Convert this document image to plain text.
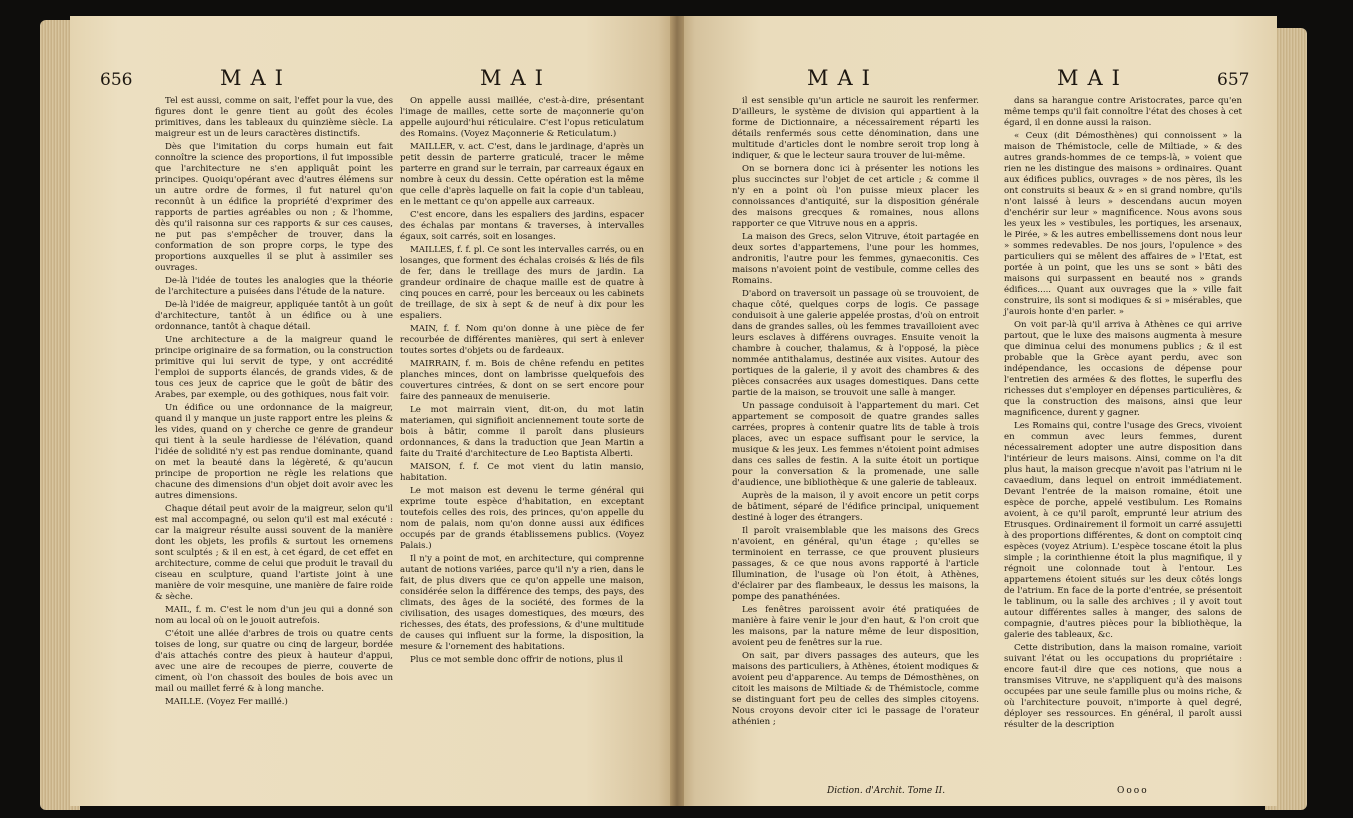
656	MAI	MAI

Tel est aussi, comme on sait, l'effet pour la vue, des figures dont le genre tient au goût des écoles primitives, dans les tableaux du quinzième siècle. La maigreur est un de leurs caractères distinctifs.

Dès que l'imitation du corps humain eut fait connoître la science des proportions, il fut impossible que l'architecture ne s'en appliquât point les principes. Quoiqu'opérant avec d'autres élémens sur un autre ordre de formes, il fut naturel qu'on reconnût à un édifice la propriété d'exprimer des rapports de parties agréables ou non ; & l'homme, dès qu'il raisonna sur ces rapports & sur ces causes, ne put pas s'empêcher de trouver, dans la conformation de son propre corps, le type des proportions auxquelles il se plut à assimiler ses ouvrages.

De-là l'idée de toutes les analogies que la théorie de l'architecture a puisées dans l'étude de la nature.

De-là l'idée de maigreur, appliquée tantôt à un goût d'architecture, tantôt à un édifice ou à une ordonnance, tantôt à chaque détail.

Une architecture a de la maigreur quand le principe originaire de sa formation, ou la construction primitive qui lui servit de type, y ont accrédité l'emploi de supports élancés, de grands vides, & de tous ces jeux de caprice que le goût de bâtir des Arabes, par exemple, ou des gothiques, nous fait voir.

Un édifice ou une ordonnance de la maigreur, quand il y manque un juste rapport entre les pleins & les vides, quand on y cherche ce genre de grandeur qui tient à la seule hardiesse de l'élévation, quand l'idée de solidité n'y est pas rendue dominante, quand on met la beauté dans la légèreté, & qu'aucun principe de proportion ne règle les relations que chacune des dimensions d'un objet doit avoir avec les autres dimensions.

Chaque détail peut avoir de la maigreur, selon qu'il est mal accompagné, ou selon qu'il est mal exécuté : car la maigreur résulte aussi souvent de la manière dont les objets, les profils & surtout les ornemens sont sculptés ; & il en est, à cet égard, de cet effet en architecture, comme de celui que produit le travail du ciseau en sculpture, quand l'artiste joint à une manière de voir mesquine, une manière de faire roide & sèche.

MAIL, f. m. C'est le nom d'un jeu qui a donné son nom au local où on le jouoit autrefois.

C'étoit une allée d'arbres de trois ou quatre cents toises de long, sur quatre ou cinq de largeur, bordée d'ais attachés contre des pieux à hauteur d'appui, avec une aire de recoupes de pierre, couverte de ciment, où l'on chassoit des boules de bois avec un mail ou maillet ferré & à long manche.

MAILLE. (Voyez Fer maillé.)

On appelle aussi maillée, c'est-à-dire, présentant l'image de mailles, cette sorte de maçonnerie qu'on appelle aujourd'hui réticulaire. C'est l'opus reticulatum des Romains. (Voyez Maçonnerie & Reticulatum.)

MAILLER, v. act. C'est, dans le jardinage, d'après un petit dessin de parterre graticulé, tracer le même parterre en grand sur le terrain, par carreaux égaux en nombre à ceux du dessin. Cette opération est la même que celle d'après laquelle on fait la copie d'un tableau, en le mettant ce qu'on appelle aux carreaux.

C'est encore, dans les espaliers des jardins, espacer des échalas par montans & traverses, à intervalles égaux, soit carrés, soit en losanges.

MAILLES, f. f. pl. Ce sont les intervalles carrés, ou en losanges, que forment des échalas croisés & liés de fils de fer, dans le treillage des murs de jardin. La grandeur ordinaire de chaque maille est de quatre à cinq pouces en carré, pour les berceaux ou les cabinets de treillage, de six à sept & de neuf à dix pour les espaliers.

MAIN, f. f. Nom qu'on donne à une pièce de fer recourbée de différentes manières, qui sert à enlever toutes sortes d'objets ou de fardeaux.

MAIRRAIN, f. m. Bois de chêne refendu en petites planches minces, dont on lambrisse quelquefois des couvertures cintrées, & dont on se sert encore pour faire des panneaux de menuiserie.

Le mot mairrain vient, dit-on, du mot latin materiamen, qui signifioit anciennement toute sorte de bois à bâtir, comme il paroît dans plusieurs ordonnances, & dans la traduction que Jean Martin a faite du Traité d'architecture de Leo Baptista Alberti.

MAISON, f. f. Ce mot vient du latin mansio, habitation.

Le mot maison est devenu le terme général qui exprime toute espèce d'habitation, en exceptant toutefois celles des rois, des princes, qu'on appelle du nom de palais, nom qu'on donne aussi aux édifices occupés par de grands établissemens publics. (Voyez Palais.)

Il n'y a point de mot, en architecture, qui comprenne autant de notions variées, parce qu'il n'y a rien, dans le fait, de plus divers que ce qu'on appelle une maison, considérée selon la différence des temps, des pays, des climats, des âges de la société, des formes de la civilisation, des usages domestiques, des mœurs, des richesses, des états, des professions, & d'une multitude de causes qui influent sur la forme, la disposition, la mesure & l'ornement des habitations.

Plus ce mot semble donc offrir de notions, plus il

MAI	MAI	657

il est sensible qu'un article ne sauroit les renfermer. D'ailleurs, le système de division qui appartient à la forme de Dictionnaire, a nécessairement réparti les détails renfermés sous cette dénomination, dans une multitude d'articles dont le nombre seroit trop long à indiquer, & que le lecteur saura trouver de lui-même.

On se bornera donc ici à présenter les notions les plus succinctes sur l'objet de cet article ; & comme il n'y en a point où l'on puisse mieux placer les connoissances d'antiquité, sur la disposition générale des maisons grecques & romaines, nous allons rapporter ce que Vitruve nous en a appris.

La maison des Grecs, selon Vitruve, étoit partagée en deux sortes d'appartemens, l'une pour les hommes, andronitis, l'autre pour les femmes, gynaeconitis. Ces maisons n'avoient point de vestibule, comme celles des Romains.

D'abord on traversoit un passage où se trouvoient, de chaque côté, quelques corps de logis. Ce passage conduisoit à une galerie appelée prostas, d'où on entroit dans de grandes salles, où les femmes travailloient avec leurs esclaves à différens ouvrages. Ensuite venoit la chambre à coucher, thalamus, & à l'opposé, la pièce nommée antithalamus, destinée aux visites. Autour des portiques de la galerie, il y avoit des chambres & des pièces consacrées aux usages domestiques. Dans cette partie de la maison, se trouvoit une salle à manger.

Un passage conduisoit à l'appartement du mari. Cet appartement se composoit de quatre grandes salles carrées, propres à contenir quatre lits de table à trois places, avec un espace suffisant pour le service, la musique & les jeux. Les femmes n'étoient point admises dans ces salles de festin. A la suite étoit un portique pour la conversation & la promenade, une salle d'audience, une bibliothèque & une galerie de tableaux.

Auprès de la maison, il y avoit encore un petit corps de bâtiment, séparé de l'édifice principal, uniquement destiné à loger des étrangers.

Il paroît vraisemblable que les maisons des Grecs n'avoient, en général, qu'un étage ; qu'elles se terminoient en terrasse, ce que prouvent plusieurs passages, & ce que nous avons rapporté à l'article Illumination, de l'usage où l'on étoit, à Athènes, d'éclairer par des flambeaux, le dessus les maisons, la pompe des panathénées.

Les fenêtres paroissent avoir été pratiquées de manière à faire venir le jour d'en haut, & l'on croit que les maisons, par la nature même de leur disposition, avoient peu de fenêtres sur la rue.

On sait, par divers passages des auteurs, que les maisons des particuliers, à Athènes, étoient modiques & avoient peu d'apparence. Au temps de Démosthènes, on citoit les maisons de Miltiade & de Thémistocle, comme se distinguant fort peu de celles des simples citoyens. Nous croyons devoir citer ici le passage de l'orateur athénien ;

dans sa harangue contre Aristocrates, parce qu'en même temps qu'il fait connoître l'état des choses à cet égard, il en donne aussi la raison.

« Ceux (dit Démosthènes) qui connoissent » la maison de Thémistocle, celle de Miltiade, » & des autres grands-hommes de ce temps-là, » voient que rien ne les distingue des maisons » ordinaires. Quant aux édifices publics, ouvrages » de nos pères, ils les ont construits si beaux & » en si grand nombre, qu'ils n'ont laissé à leurs » descendans aucun moyen d'enchérir sur leur » magnificence. Nous avons sous les yeux les » vestibules, les portiques, les arsenaux, le Pirée, » & les autres embellissemens dont nous leur » sommes redevables. De nos jours, l'opulence » des particuliers qui se mêlent des affaires de » l'Etat, est portée à un point, que les uns se sont » bâti des maisons qui surpassent en beauté nos » grands édifices..... Quant aux ouvrages que la » ville fait construire, ils sont si modiques & si » misérables, que j'aurois honte d'en parler. »

On voit par-là qu'il arriva à Athènes ce qui arrive partout, que le luxe des maisons augmenta à mesure que diminua celui des monumens publics ; & il est probable que la Grèce ayant perdu, avec son indépendance, les occasions de dépense pour l'entretien des armées & des flottes, le superflu des richesses dut s'employer en dépenses particulières, & que la construction des maisons, ainsi que leur magnificence, durent y gagner.

Les Romains qui, contre l'usage des Grecs, vivoient en commun avec leurs femmes, durent nécessairement adopter une autre disposition dans l'intérieur de leurs maisons. Ainsi, comme on l'a dit plus haut, la maison grecque n'avoit pas l'atrium ni le cavaedium, dans lequel on entroit immédiatement. Devant l'entrée de la maison romaine, étoit une espèce de porche, appelé vestibulum. Les Romains avoient, à ce qu'il paroît, emprunté leur atrium des Etrusques. Ordinairement il formoit un carré assujetti à des proportions différentes, & dont on comptoit cinq espèces (voyez Atrium). L'espèce toscane étoit la plus simple ; la corinthienne étoit la plus magnifique, il y régnoit une colonnade tout à l'entour. Les appartemens étoient situés sur les deux côtés longs de l'atrium. En face de la porte d'entrée, se présentoit le tablinum, ou la salle des archives ; il y avoit tout autour différentes salles à manger, des salons de compagnie, d'autres pièces pour la bibliothèque, la galerie des tableaux, &c.

Cette distribution, dans la maison romaine, varioit suivant l'état ou les occupations du propriétaire : encore faut-il dire que ces notions, que nous a transmises Vitruve, ne s'appliquent qu'à des maisons occupées par une seule famille plus ou moins riche, & où l'architecture pouvoit, n'importe à quel degré, déployer ses ressources. En général, il paroît aussi résulter de la description

Diction. d'Archit. Tome II.	Oooo
